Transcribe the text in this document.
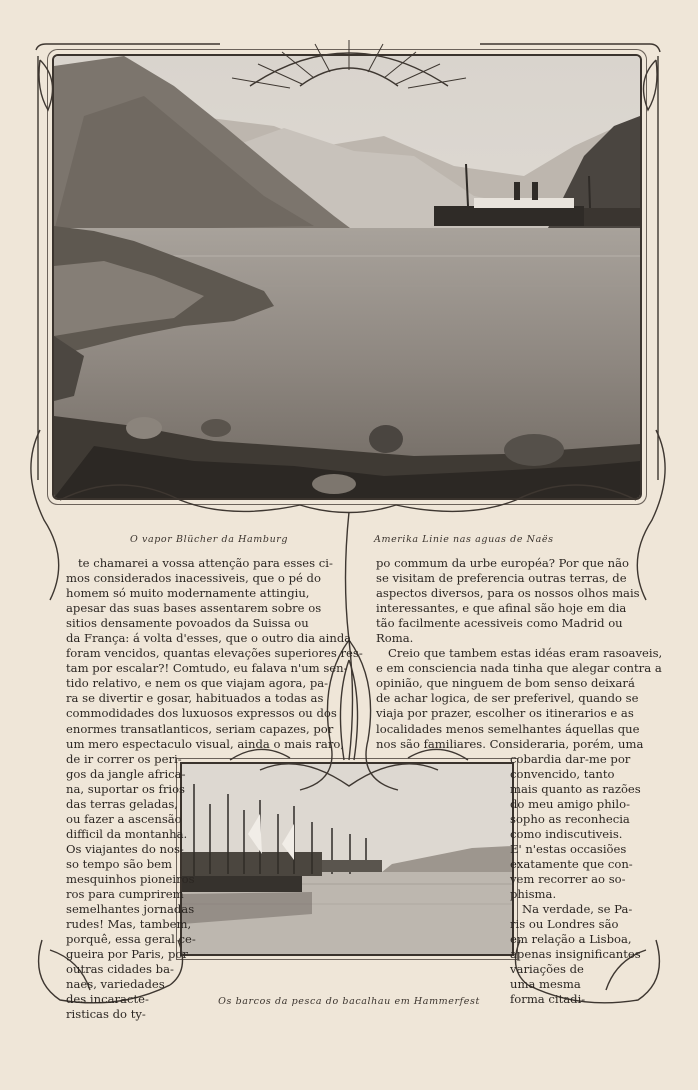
O vapor Blücher da Hamburg	Amerika Linie nas aguas de Naës
Os barcos da pesca do bacalhau em Hammerfest
te chamarei a vossa attenção para esses ci-
mos considerados inacessiveis, que o pé do
homem só muito modernamente attingiu,
apesar das suas bases assentarem sobre os
sitios densamente povoados da Suissa ou
da França: á volta d'esses, que o outro dia ainda
foram vencidos, quantas elevações superiores res-
tam por escalar?! Comtudo, eu falava n'um sen-
tido relativo, e nem os que viajam agora, pa-
ra se divertir e gosar, habituados a todas as
commodidades dos luxuosos expressos ou dos
enormes transatlanticos, seriam capazes, por
um mero espectaculo visual, ainda o mais raro,
de ir correr os peri-
gos da jangle africa-
na, suportar os frios
das terras geladas,
ou fazer a ascensão
difficil da montanha.
Os viajantes do nos-
so tempo são bem
mesquinhos pioneiros
ros para cumprirem
semelhantes jornadas
rudes! Mas, tambem,
porquê, essa geral ce-
gueira por Paris, por
outras cidades ba-
naes, variedades
des incaracte-
risticas do ty-
po commum da urbe européa? Por que não
se visitam de preferencia outras terras, de
aspectos diversos, para os nossos olhos mais
interessantes, e que afinal são hoje em dia
tão facilmente acessiveis como Madrid ou
Roma.
Creio que tambem estas idéas eram rasoaveis,
e em consciencia nada tinha que alegar contra a
opinião, que ninguem de bom senso deixará
de achar logica, de ser preferivel, quando se
viaja por prazer, escolher os itinerarios e as
localidades menos semelhantes áquellas que
nos são familiares. Consideraria, porém, uma
cobardia dar-me por
convencido, tanto
mais quanto as razões
do meu amigo philo-
sopho as reconhecia
como indiscutiveis.
E' n'estas occasiões
exatamente que con-
vem recorrer ao so-
phisma.
Na verdade, se Pa-
ris ou Londres são
em relação a Lisboa,
apenas insignificantes
variações de
uma mesma
forma citadi-
